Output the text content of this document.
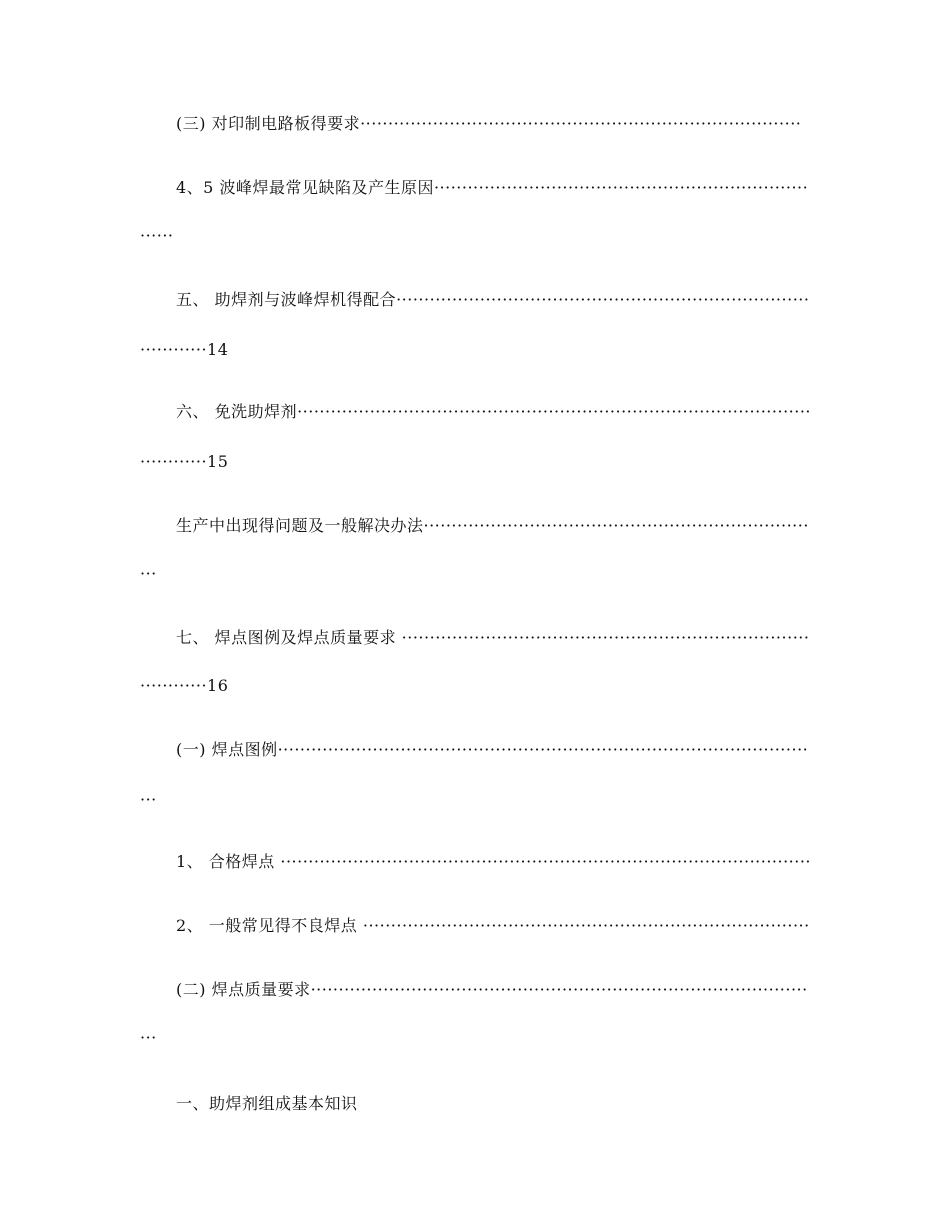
(三) 对印制电路板得要求···············································································
4、5 波峰焊最常见缺陷及产生原因···································································
······
五、 助焊剂与波峰焊机得配合··········································································
············14
六、 免洗助焊剂····························································································
············15
生产中出现得问题及一般解决办法·····································································
···
七、 焊点图例及焊点质量要求 ·········································································
············16
(一) 焊点图例·······························································································
···
1、 合格焊点 ·······························································································
2、 一般常见得不良焊点 ················································································
(二) 焊点质量要求·························································································
···
一、助焊剂组成基本知识
